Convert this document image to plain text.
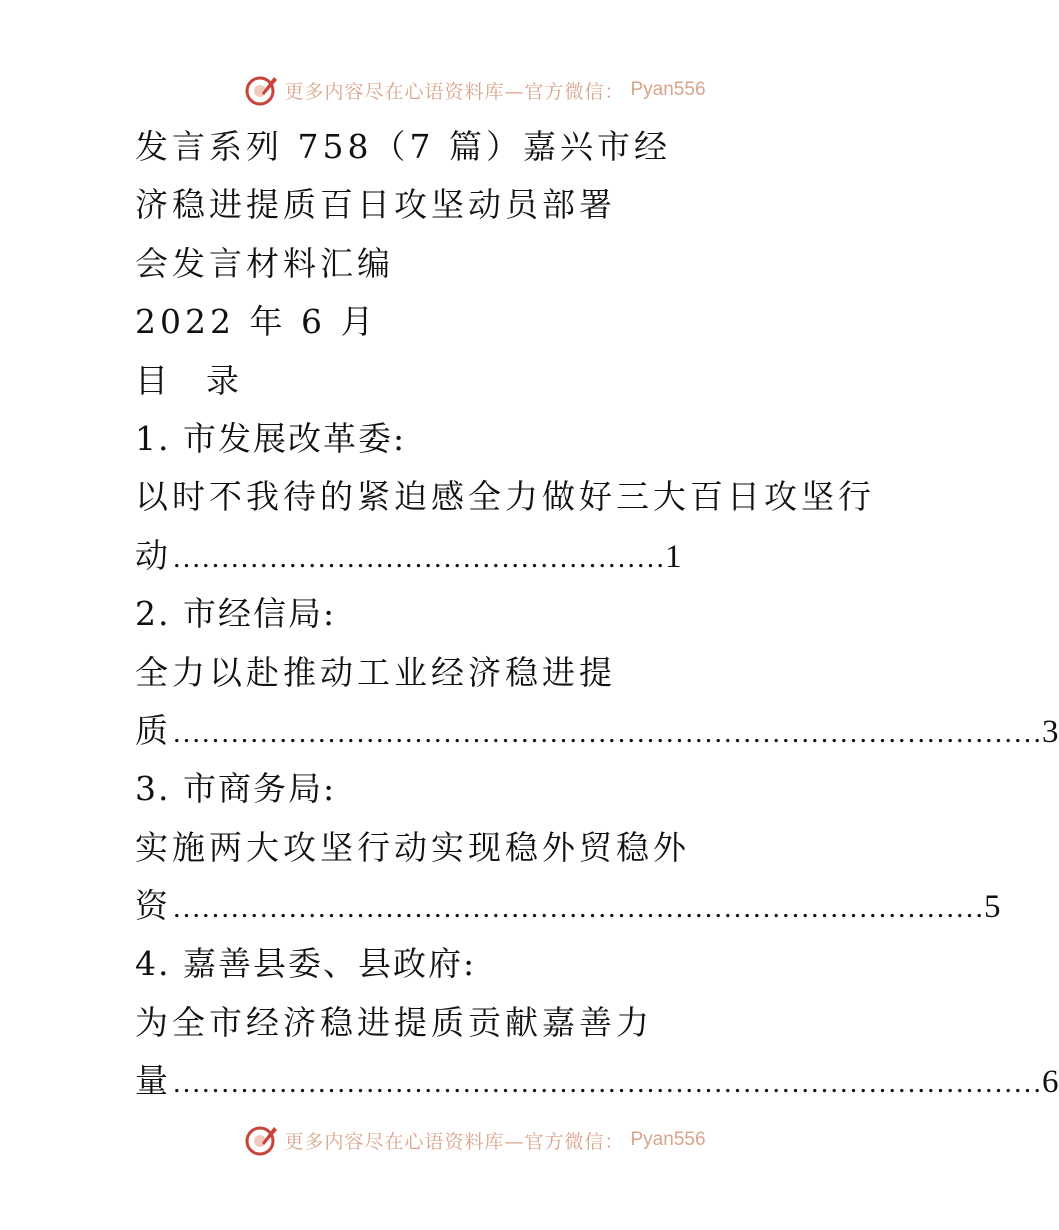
更多内容尽在心语资料库—官方微信： Pyan556
发言系列 758（7 篇）嘉兴市经
济稳进提质百日攻坚动员部署
会发言材料汇编
2022 年 6 月
目 录
1. 市发展改革委:
以时不我待的紧迫感全力做好三大百日攻坚行
动……………………………………………1
2. 市经信局:
全力以赴推动工业经济稳进提
质………………………………………………………………………………3
3. 市商务局:
实施两大攻坚行动实现稳外贸稳外
资…………………………………………………………………………5
4. 嘉善县委、县政府:
为全市经济稳进提质贡献嘉善力
量………………………………………………………………………………6
更多内容尽在心语资料库—官方微信： Pyan556
